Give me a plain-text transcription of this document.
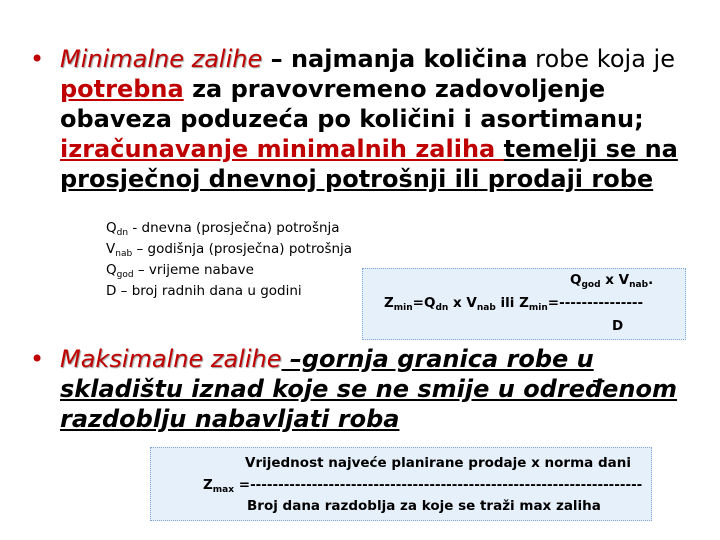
• Minimalne zalihe – najmanja količina robe koja je potrebna za pravovremeno zadovoljenje obaveza poduzeća po količini i asortimanu; izračunavanje minimalnih zaliha temelji se na prosječnoj dnevnoj potrošnji ili prodaji robe
$Q_{dn}$ - dnevna (prosječna) potrošnja
$V_{nab}$ – godišnja (prosječna) potrošnja
$Q_{god}$ – vrijeme nabave
D – broj radnih dana u godini
$Q_{god}$ x $V_{nab}$.
$Z_{min}=Q_{dn}$ x $V_{nab}$ ili $Z_{min}=---------------$
D
• Maksimalne zalihe –gornja granica robe u skladištu iznad koje se ne smije u određenom razdoblju nabavljati roba
Vrijednost najveće planirane prodaje x norma dani
$Z_{max}$ =----------------------------------------------------------------------
Broj dana razdoblja za koje se traži max zaliha
